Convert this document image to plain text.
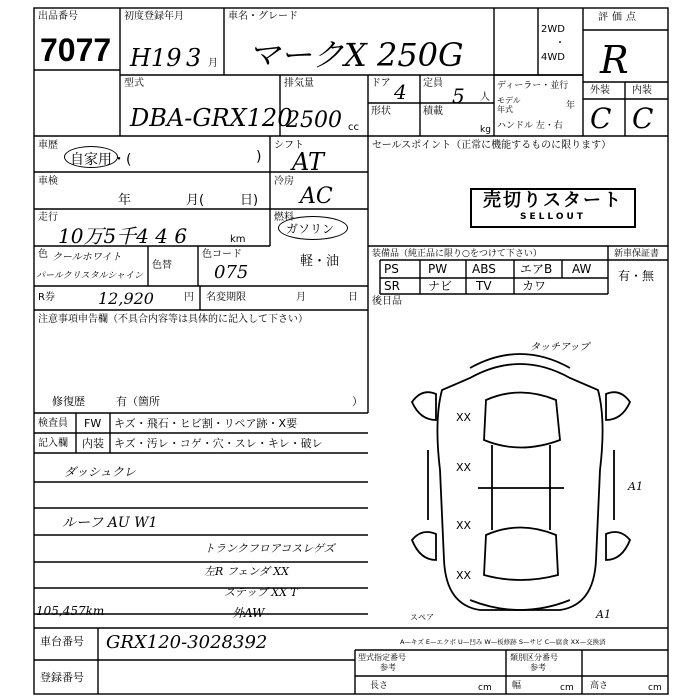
出品番号
7077
初度登録年月
H19 3 月
車名・グレード
マークX 250G
2WD
・
4WD
評価点
R
型式
DBA-GRX120
排気量
2500 cc
ドア 4 定員
5 人
形状	積載
kg
ディーラー・並行
モデル年式	年
ハンドル 左・右
外装 内装
C C
車歴
自家用・(	)
車検
年	月(	日)
走行
10万5千4 4 6	km
色 クールホワイト
パールクリスタルシャイン
色替
色コード
075
シフト
AT
冷房
AC
燃料
ガソリン
軽・油
R券	12,920	円 名変期限	月	日
注意事項申告欄（不具合内容等は具体的に記入して下さい）
修復歴	有（箇所	）
セールスポイント（正常に機能するものに限ります）
売切りスタート
SELLOUT
装備品（純正品に限り○をつけて下さい）
PS PW ABS エアB AW
SR ナビ TV	カワ
新車保証書
有・無
後日品
検査員
記入欄
FW キズ・飛石・ヒビ割・リペア跡・X要
内装 キズ・汚レ・コゲ・穴・スレ・キレ・破レ
ダッシュクレ
ルーフ AU W1
トランクフロアコスレゲズ
左R フェンダ XX
ステップ XX T
外AW
105,457km
タッチアップ
XX
XX
XX
XX
A1
A1
スペア
車台番号 GRX120-3028392
登録番号
A—キズ E—エクボ U—凹み W—板修跡 S—サビ C—腐食 XX—交換済
型式指定番号
参考
類別区分番号
参考
長さ	cm 幅	cm 高さ	cm
